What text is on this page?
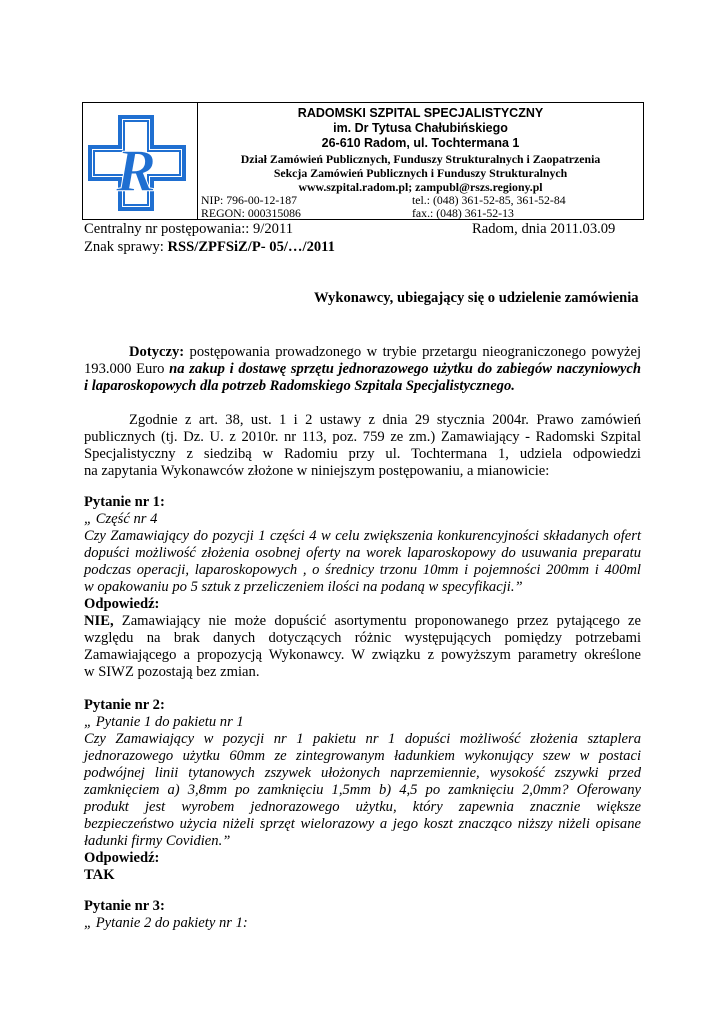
R
RADOMSKI SZPITAL SPECJALISTYCZNY
im. Dr Tytusa Chałubińskiego
26-610 Radom, ul. Tochtermana 1
Dział Zamówień Publicznych, Funduszy Strukturalnych i Zaopatrzenia
Sekcja Zamówień Publicznych i Funduszy Strukturalnych
www.szpital.radom.pl; zampubl@rszs.regiony.pl
NIP: 796-00-12-187
REGON: 000315086
tel.: (048) 361-52-85, 361-52-84
fax.: (048) 361-52-13
Centralny nr postępowania:: 9/2011	Radom, dnia 2011.03.09
Znak sprawy: RSS/ZPFSiZ/P- 05/…/2011
Wykonawcy, ubiegający się o udzielenie zamówienia
Dotyczy: postępowania prowadzonego w trybie przetargu nieograniczonego powyżej
193.000 Euro na zakup i dostawę sprzętu jednorazowego użytku do zabiegów naczyniowych
i laparoskopowych dla potrzeb Radomskiego Szpitala Specjalistycznego.
Zgodnie z art. 38, ust. 1 i 2 ustawy z dnia 29 stycznia 2004r. Prawo zamówień
publicznych (tj. Dz. U. z 2010r. nr 113, poz. 759 ze zm.) Zamawiający - Radomski Szpital
Specjalistyczny z siedzibą w Radomiu przy ul. Tochtermana 1, udziela odpowiedzi
na zapytania Wykonawców złożone w niniejszym postępowaniu, a mianowicie:
Pytanie nr 1:
„ Część nr 4
Czy Zamawiający do pozycji 1 części 4 w celu zwiększenia konkurencyjności składanych ofert
dopuści możliwość złożenia osobnej oferty na worek laparoskopowy do usuwania preparatu
podczas operacji, laparoskopowych , o średnicy trzonu 10mm i pojemności 200mm i 400ml
w opakowaniu po 5 sztuk z przeliczeniem ilości na podaną w specyfikacji.”
Odpowiedź:
NIE, Zamawiający nie może dopuścić asortymentu proponowanego przez pytającego ze
względu na brak danych dotyczących różnic występujących pomiędzy potrzebami
Zamawiającego a propozycją Wykonawcy. W związku z powyższym parametry określone
w SIWZ pozostają bez zmian.
Pytanie nr 2:
„ Pytanie 1 do pakietu nr 1
Czy Zamawiający w pozycji nr 1 pakietu nr 1 dopuści możliwość złożenia sztaplera
jednorazowego użytku 60mm ze zintegrowanym ładunkiem wykonujący szew w postaci
podwójnej linii tytanowych zszywek ułożonych naprzemiennie, wysokość zszywki przed
zamknięciem a) 3,8mm po zamknięciu 1,5mm b) 4,5 po zamknięciu 2,0mm? Oferowany
produkt jest wyrobem jednorazowego użytku, który zapewnia znacznie większe
bezpieczeństwo użycia niżeli sprzęt wielorazowy a jego koszt znacząco niższy niżeli opisane
ładunki firmy Covidien.”
Odpowiedź:
TAK
Pytanie nr 3:
„ Pytanie 2 do pakiety nr 1:
